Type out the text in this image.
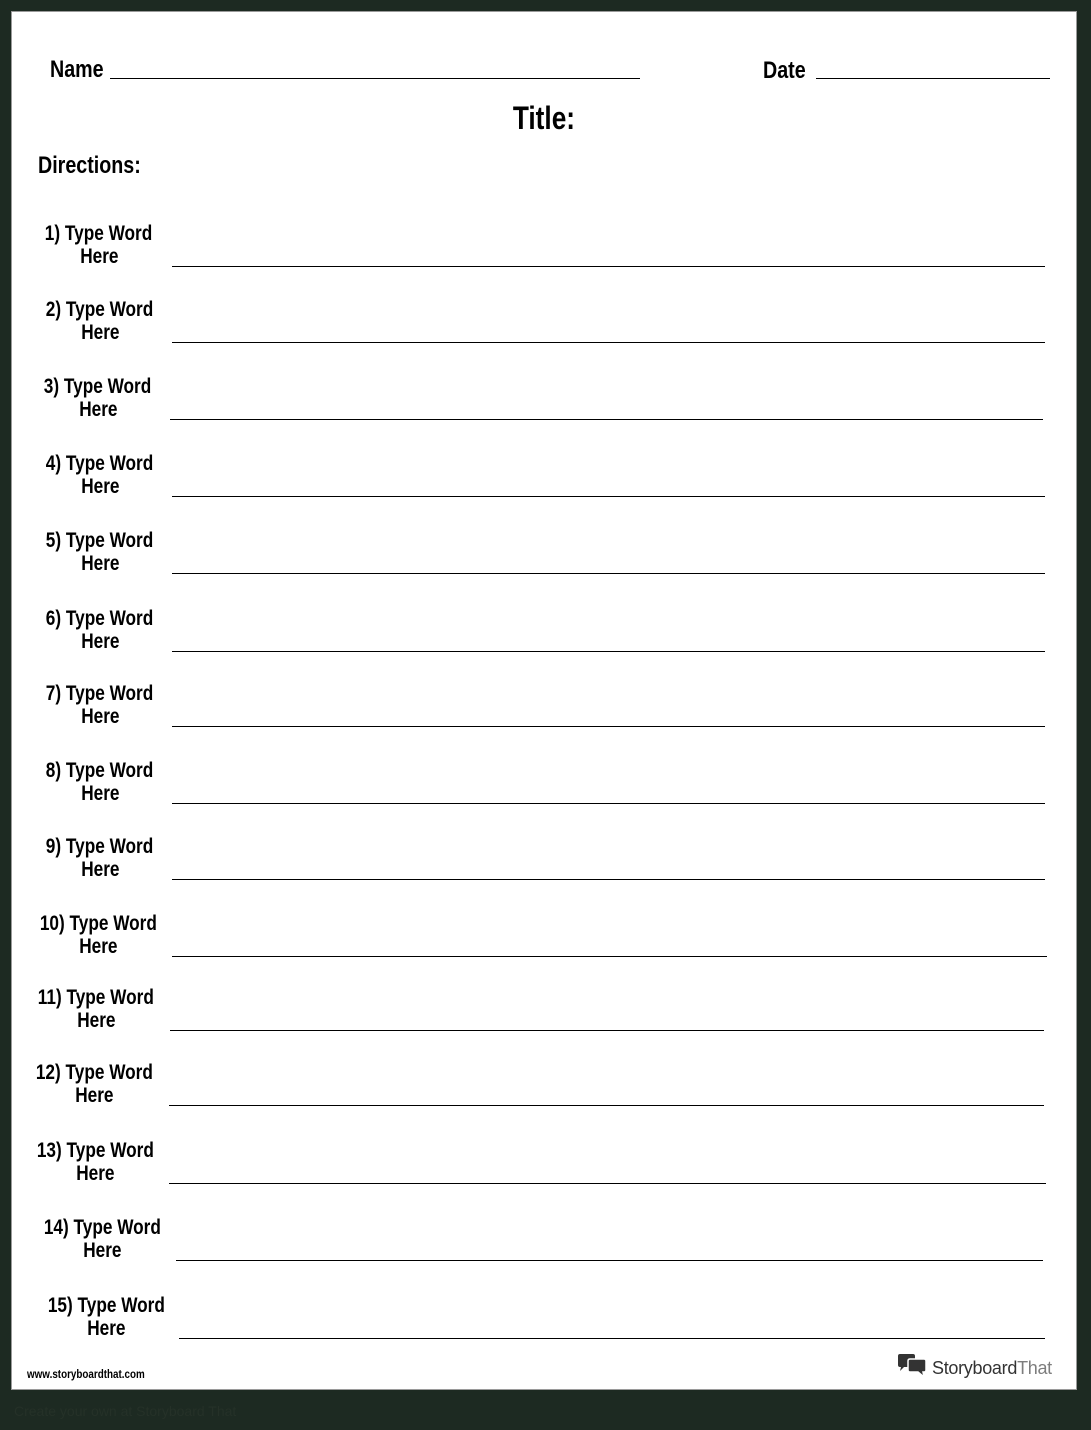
Name	Date
Title:
Directions:
1) Type Word
Here
2) Type Word
Here
3) Type Word
Here
4) Type Word
Here
5) Type Word
Here
6) Type Word
Here
7) Type Word
Here
8) Type Word
Here
9) Type Word
Here
10) Type Word
Here
11) Type Word
Here
12) Type Word
Here
13) Type Word
Here
14) Type Word
Here
15) Type Word
Here
www.storyboardthat.com	StoryboardThat
Create your own at Storyboard That
